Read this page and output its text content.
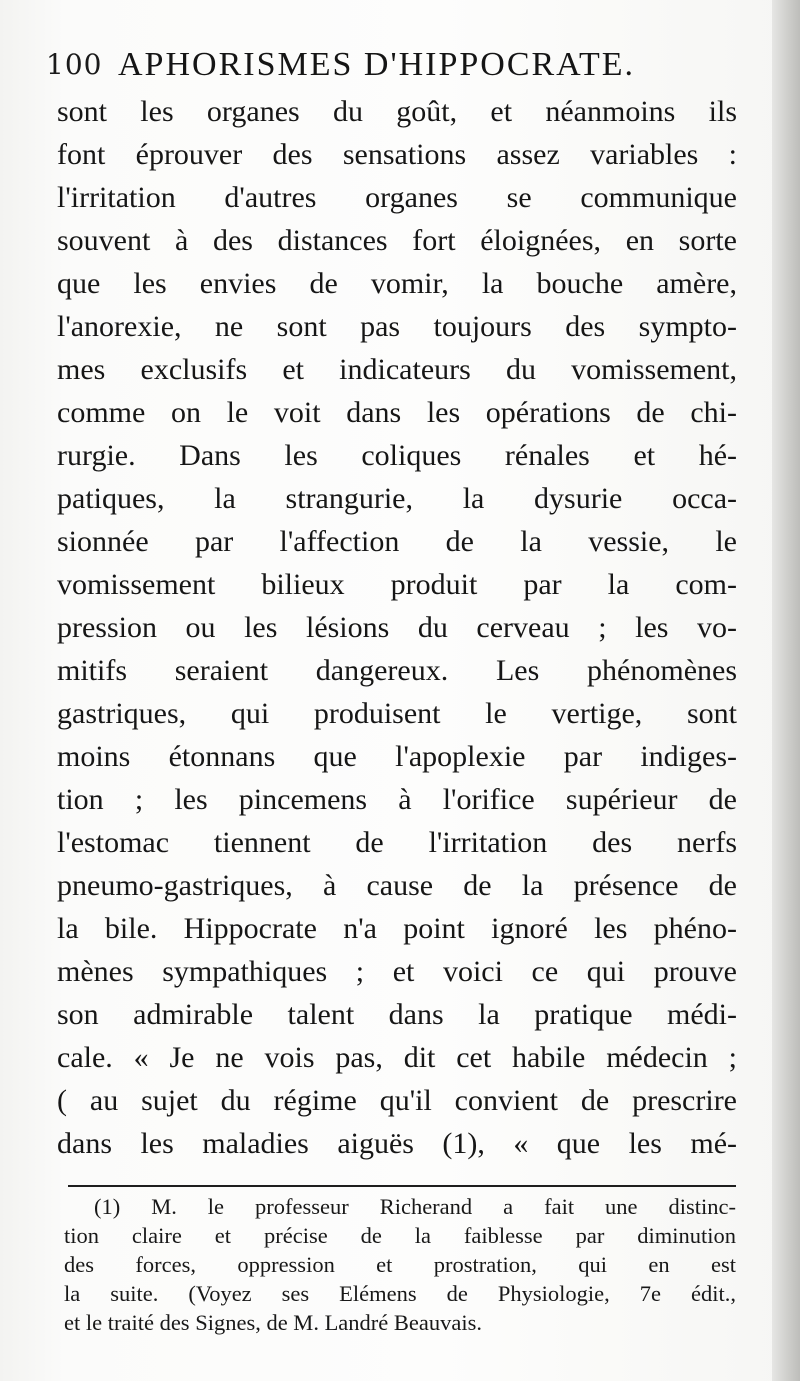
100 APHORISMES D'HIPPOCRATE.
sont les organes du goût, et néanmoins ils
font éprouver des sensations assez variables :
l'irritation d'autres organes se communique
souvent à des distances fort éloignées, en sorte
que les envies de vomir, la bouche amère,
l'anorexie, ne sont pas toujours des sympto-
mes exclusifs et indicateurs du vomissement,
comme on le voit dans les opérations de chi-
rurgie. Dans les coliques rénales et hé-
patiques, la strangurie, la dysurie occa-
sionnée par l'affection de la vessie, le
vomissement bilieux produit par la com-
pression ou les lésions du cerveau ; les vo-
mitifs seraient dangereux. Les phénomènes
gastriques, qui produisent le vertige, sont
moins étonnans que l'apoplexie par indiges-
tion ; les pincemens à l'orifice supérieur de
l'estomac tiennent de l'irritation des nerfs
pneumo-gastriques, à cause de la présence de
la bile. Hippocrate n'a point ignoré les phéno-
mènes sympathiques ; et voici ce qui prouve
son admirable talent dans la pratique médi-
cale. « Je ne vois pas, dit cet habile médecin ;
( au sujet du régime qu'il convient de prescrire
dans les maladies aiguës (1), « que les mé-
(1) M. le professeur Richerand a fait une distinc-
tion claire et précise de la faiblesse par diminution
des forces, oppression et prostration, qui en est
la suite. (Voyez ses Elémens de Physiologie, 7e édit.,
et le traité des Signes, de M. Landré Beauvais.
